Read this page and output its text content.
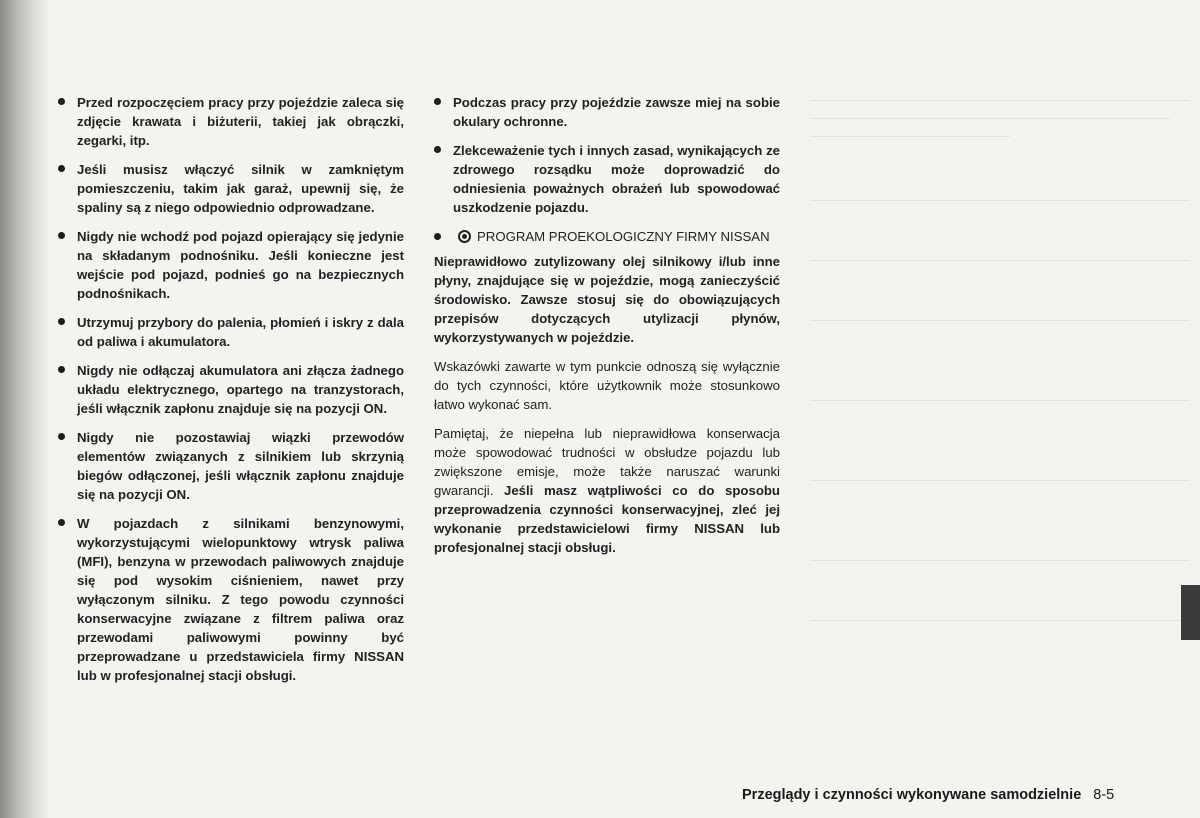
Przed rozpoczęciem pracy przy pojeździe zaleca się zdjęcie krawata i biżuterii, takiej jak obrączki, zegarki, itp.
Jeśli musisz włączyć silnik w zamkniętym pomieszczeniu, takim jak garaż, upewnij się, że spaliny są z niego odpowiednio odprowadzane.
Nigdy nie wchodź pod pojazd opierający się jedynie na składanym podnośniku. Jeśli konieczne jest wejście pod pojazd, podnieś go na bezpiecznych podnośnikach.
Utrzymuj przybory do palenia, płomień i iskry z dala od paliwa i akumulatora.
Nigdy nie odłączaj akumulatora ani złącza żadnego układu elektrycznego, opartego na tranzystorach, jeśli włącznik zapłonu znajduje się na pozycji ON.
Nigdy nie pozostawiaj wiązki przewodów elementów związanych z silnikiem lub skrzynią biegów odłączonej, jeśli włącznik zapłonu znajduje się na pozycji ON.
W pojazdach z silnikami benzynowymi, wykorzystującymi wielopunktowy wtrysk paliwa (MFI), benzyna w przewodach paliwowych znajduje się pod wysokim ciśnieniem, nawet przy wyłączonym silniku. Z tego powodu czynności konserwacyjne związane z filtrem paliwa oraz przewodami paliwowymi powinny być przeprowadzane u przedstawiciela firmy NISSAN lub w profesjonalnej stacji obsługi.
Podczas pracy przy pojeździe zawsze miej na sobie okulary ochronne.
Zlekceważenie tych i innych zasad, wynikających ze zdrowego rozsądku może doprowadzić do odniesienia poważnych obrażeń lub spowodować uszkodzenie pojazdu.
PROGRAM PROEKOLOGICZNY FIRMY NISSAN

Nieprawidłowo zutylizowany olej silnikowy i/lub inne płyny, znajdujące się w pojeździe, mogą zanieczyścić środowisko. Zawsze stosuj się do obowiązujących przepisów dotyczących utylizacji płynów, wykorzystywanych w pojeździe.

Wskazówki zawarte w tym punkcie odnoszą się wyłącznie do tych czynności, które użytkownik może stosunkowo łatwo wykonać sam.

Pamiętaj, że niepełna lub nieprawidłowa konserwacja może spowodować trudności w obsłudze pojazdu lub zwiększone emisje, może także naruszać warunki gwarancji. Jeśli masz wątpliwości co do sposobu przeprowadzenia czynności konserwacyjnej, zleć jej wykonanie przedstawicielowi firmy NISSAN lub profesjonalnej stacji obsługi.

Przeglądy i czynności wykonywane samodzielnie 8-5
